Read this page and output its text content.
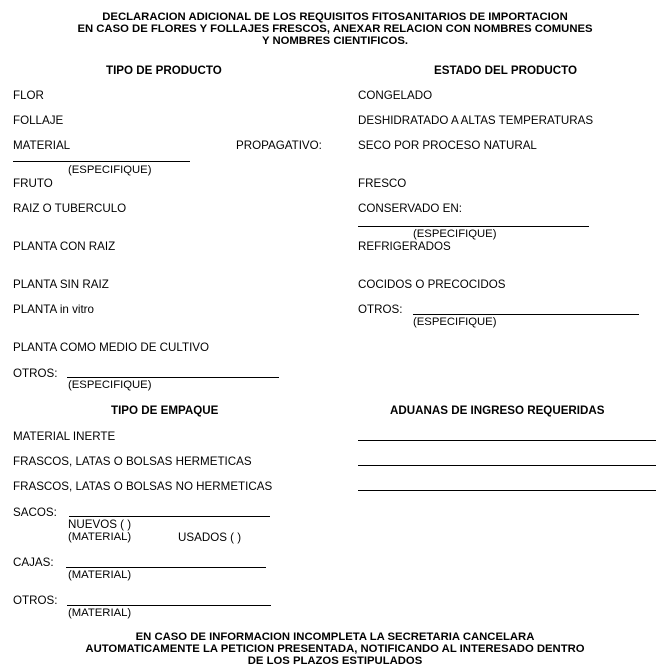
DECLARACION ADICIONAL DE LOS REQUISITOS FITOSANITARIOS DE IMPORTACION
EN CASO DE FLORES Y FOLLAJES FRESCOS, ANEXAR RELACION CON NOMBRES COMUNES
Y NOMBRES CIENTIFICOS.
TIPO DE PRODUCTO	ESTADO DEL PRODUCTO
FLOR
FOLLAJE
MATERIAL	PROPAGATIVO:
(ESPECIFIQUE)
FRUTO
RAIZ O TUBERCULO
PLANTA CON RAIZ
PLANTA SIN RAIZ
PLANTA in vitro
PLANTA COMO MEDIO DE CULTIVO
OTROS:
(ESPECIFIQUE)
CONGELADO
DESHIDRATADO A ALTAS TEMPERATURAS
SECO POR PROCESO NATURAL
FRESCO
CONSERVADO EN:
(ESPECIFIQUE)
REFRIGERADOS
COCIDOS O PRECOCIDOS
OTROS:
(ESPECIFIQUE)
TIPO DE EMPAQUE
MATERIAL INERTE
FRASCOS, LATAS O BOLSAS HERMETICAS
FRASCOS, LATAS O BOLSAS NO HERMETICAS
SACOS:
NUEVOS ( )
(MATERIAL)	USADOS ( )
CAJAS:
(MATERIAL)
OTROS:
(MATERIAL)
ADUANAS DE INGRESO REQUERIDAS
EN CASO DE INFORMACION INCOMPLETA LA SECRETARIA CANCELARA
AUTOMATICAMENTE LA PETICION PRESENTADA, NOTIFICANDO AL INTERESADO DENTRO
DE LOS PLAZOS ESTIPULADOS
